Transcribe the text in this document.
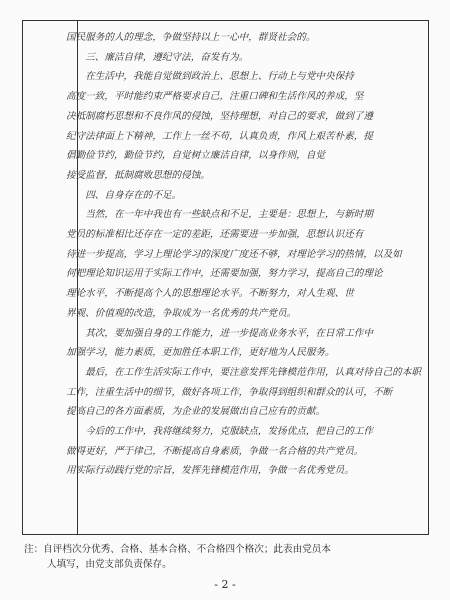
国民服务的人的理念，争做坚持以上一心中，群贤社会的。

三、廉洁自律，遵纪守法，奋发有为。

在生活中，我能自觉做到政治上、思想上、行动上与党中央保持

高度一致，平时能约束严格要求自己，注重口碑和生活作风的养成，坚

决抵制腐朽思想和不良作风的侵蚀，坚持理想，对自己的要求，做到了遵

纪守法律面上下精神，工作上一丝不苟，认真负责，作风上艰苦朴素，提

倡勤俭节约，勤俭节约，自觉树立廉洁自律，以身作则，自觉

接受监督，抵制腐败思想的侵蚀。

四、自身存在的不足。

当然，在一年中我也有一些缺点和不足，主要是：思想上，与新时期

党员的标准相比还存在一定的差距，还需要进一步加强，思想认识还有

待进一步提高，学习上理论学习的深度广度还不够，对理论学习的热情，以及如

何把理论知识运用于实际工作中，还需要加强，努力学习，提高自己的理论

理论水平，不断提高个人的思想理论水平。不断努力，对人生观、世

界观、价值观的改造，争取成为一名优秀的共产党员。

其次，要加强自身的工作能力，进一步提高业务水平，在日常工作中

加强学习，能力素质，更加胜任本职工作，更好地为人民服务。

最后，在工作生活实际工作中，要注意发挥先锋模范作用，认真对待自己的本职

工作，注重生活中的细节，做好各项工作，争取得到组织和群众的认可，不断

提高自己的各方面素质，为企业的发展做出自己应有的贡献。

今后的工作中，我将继续努力，克服缺点，发扬优点，把自己的工作

做得更好，严于律己，不断提高自身素质，争做一名合格的共产党员。

用实际行动践行党的宗旨，发挥先锋模范作用，争做一名优秀党员。

注：自评档次分优秀、合格、基本合格、不合格四个格次；此表由党员本
人填写，由党支部负责保存。
- 2 -
